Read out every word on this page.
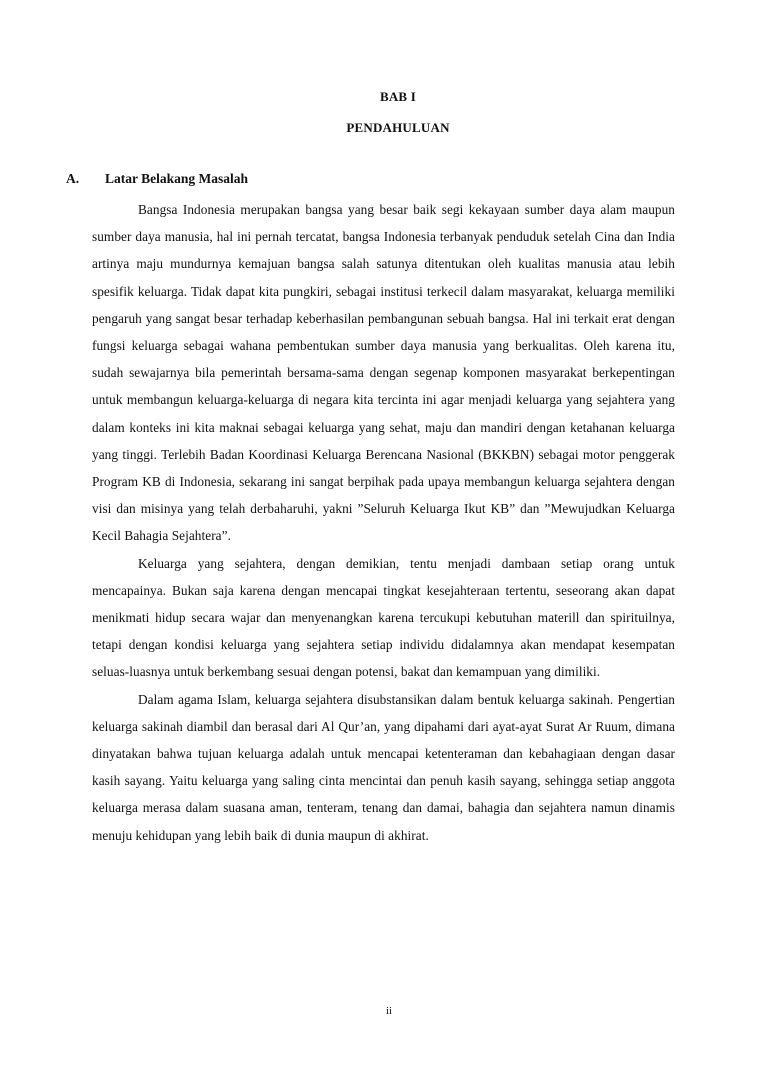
BAB I
PENDAHULUAN
A. Latar Belakang Masalah

Bangsa Indonesia merupakan bangsa yang besar baik segi kekayaan sumber daya alam maupun sumber daya manusia, hal ini pernah tercatat, bangsa Indonesia terbanyak penduduk setelah Cina dan India artinya maju mundurnya kemajuan bangsa salah satunya ditentukan oleh kualitas manusia atau lebih spesifik keluarga. Tidak dapat kita pungkiri, sebagai institusi terkecil dalam masyarakat, keluarga memiliki pengaruh yang sangat besar terhadap keberhasilan pembangunan sebuah bangsa. Hal ini terkait erat dengan fungsi keluarga sebagai wahana pembentukan sumber daya manusia yang berkualitas. Oleh karena itu, sudah sewajarnya bila pemerintah bersama-sama dengan segenap komponen masyarakat berkepentingan untuk membangun keluarga-keluarga di negara kita tercinta ini agar menjadi keluarga yang sejahtera yang dalam konteks ini kita maknai sebagai keluarga yang sehat, maju dan mandiri dengan ketahanan keluarga yang tinggi. Terlebih Badan Koordinasi Keluarga Berencana Nasional (BKKBN) sebagai motor penggerak Program KB di Indonesia, sekarang ini sangat berpihak pada upaya membangun keluarga sejahtera dengan visi dan misinya yang telah derbaharuhi, yakni ”Seluruh Keluarga Ikut KB” dan ”Mewujudkan Keluarga Kecil Bahagia Sejahtera”.

Keluarga yang sejahtera, dengan demikian, tentu menjadi dambaan setiap orang untuk mencapainya. Bukan saja karena dengan mencapai tingkat kesejahteraan tertentu, seseorang akan dapat menikmati hidup secara wajar dan menyenangkan karena tercukupi kebutuhan materill dan spirituilnya, tetapi dengan kondisi keluarga yang sejahtera setiap individu didalamnya akan mendapat kesempatan seluas-luasnya untuk berkembang sesuai dengan potensi, bakat dan kemampuan yang dimiliki.

Dalam agama Islam, keluarga sejahtera disubstansikan dalam bentuk keluarga sakinah. Pengertian keluarga sakinah diambil dan berasal dari Al Qur’an, yang dipahami dari ayat-ayat Surat Ar Ruum, dimana dinyatakan bahwa tujuan keluarga adalah untuk mencapai ketenteraman dan kebahagiaan dengan dasar kasih sayang. Yaitu keluarga yang saling cinta mencintai dan penuh kasih sayang, sehingga setiap anggota keluarga merasa dalam suasana aman, tenteram, tenang dan damai, bahagia dan sejahtera namun dinamis menuju kehidupan yang lebih baik di dunia maupun di akhirat.

ii
